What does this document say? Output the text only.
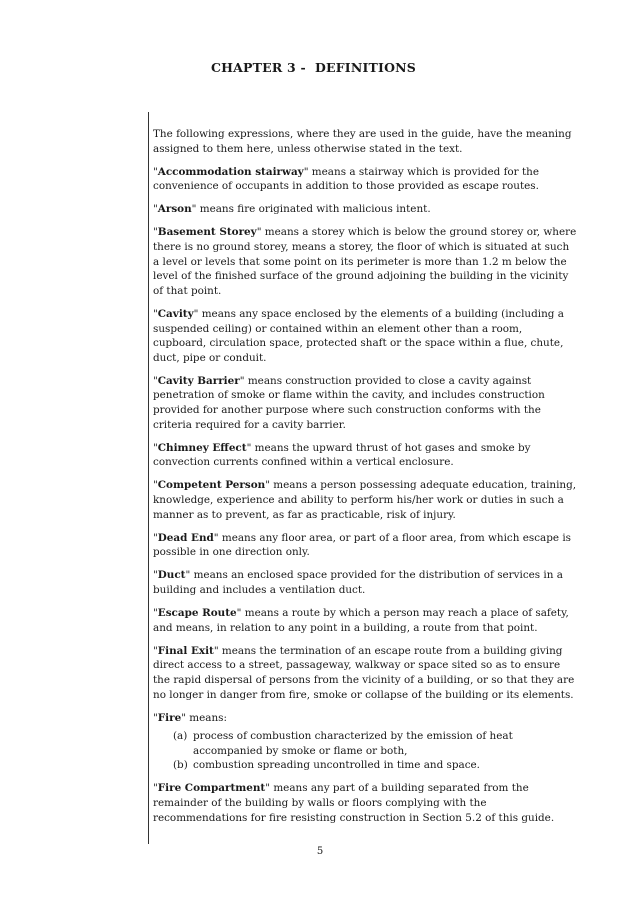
CHAPTER 3 -  DEFINITIONS

The following expressions, where they are used in the guide, have the meaning assigned to them here, unless otherwise stated in the text.

"Accommodation stairway" means a stairway which is provided for the convenience of occupants in addition to those provided as escape routes.

"Arson" means fire originated with malicious intent.

"Basement Storey" means a storey which is below the ground storey or, where there is no ground storey, means a storey, the floor of which is situated at such a level or levels that some point on its perimeter is more than 1.2 m below the level of the finished surface of the ground adjoining the building in the vicinity of that point.

"Cavity" means any space enclosed by the elements of a building (including a suspended ceiling) or contained within an element other than a room, cupboard, circulation space, protected shaft or the space within a flue, chute, duct, pipe or conduit.

"Cavity Barrier" means construction provided to close a cavity against penetration of smoke or flame within the cavity, and includes construction provided for another purpose where such construction conforms with the criteria required for a cavity barrier.

"Chimney Effect" means the upward thrust of hot gases and smoke by convection currents confined within a vertical enclosure.

"Competent Person" means a person possessing adequate education, training, knowledge, experience and ability to perform his/her work or duties in such a manner as to prevent, as far as practicable, risk of injury.

"Dead End" means any floor area, or part of a floor area, from which escape is possible in one direction only.

"Duct" means an enclosed space provided for the distribution of services in a building and includes a ventilation duct.

"Escape Route" means a route by which a person may reach a place of safety, and means, in relation to any point in a building, a route from that point.

"Final Exit" means the termination of an escape route from a building giving direct access to a street, passageway, walkway or space sited so as to ensure the rapid dispersal of persons from the vicinity of a building, or so that they are no longer in danger from fire, smoke or collapse of the building or its elements.

"Fire" means:

(a) process of combustion characterized by the emission of heat accompanied by smoke or flame or both,
(b) combustion spreading uncontrolled in time and space.

"Fire Compartment" means any part of a building separated from the remainder of the building by walls or floors complying with the recommendations for fire resisting construction in Section 5.2 of this guide.

5
